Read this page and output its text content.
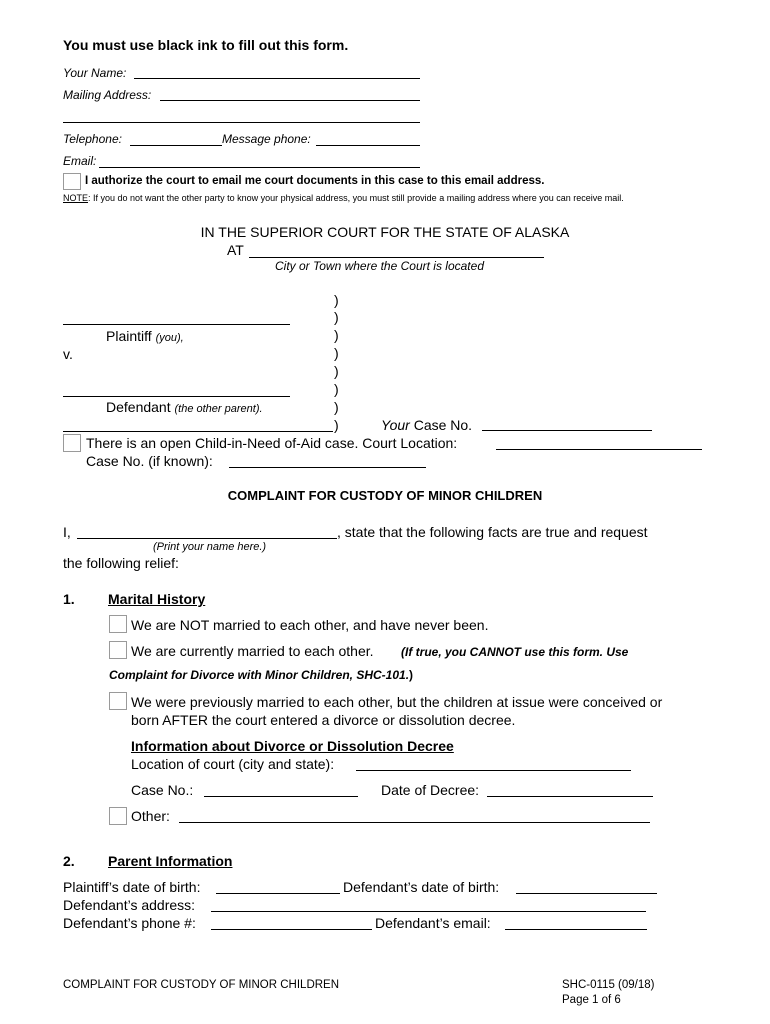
You must use black ink to fill out this form.
Your Name:
Mailing Address:
Telephone:	Message phone:
Email:
I authorize the court to email me court documents in this case to this email address.
NOTE: If you do not want the other party to know your physical address, you must still provide a mailing address where you can receive mail.
IN THE SUPERIOR COURT FOR THE STATE OF ALASKA
AT
City or Town where the Court is located
)
)
)
)
)
)
)
)
Plaintiff (you),
v.
Defendant (the other parent).
Your Case No.
There is an open Child-in-Need of-Aid case. Court Location:
Case No. (if known):
COMPLAINT FOR CUSTODY OF MINOR CHILDREN
I,	, state that the following facts are true and request
(Print your name here.)
the following relief:
1. Marital History
We are NOT married to each other, and have never been.
We are currently married to each other. (If true, you CANNOT use this form. Use
Complaint for Divorce with Minor Children, SHC-101.)
We were previously married to each other, but the children at issue were conceived or
born AFTER the court entered a divorce or dissolution decree.
Information about Divorce or Dissolution Decree
Location of court (city and state):
Case No.:	Date of Decree:
Other:
2. Parent Information
Plaintiff’s date of birth:	Defendant’s date of birth:
Defendant’s address:
Defendant’s phone #:	Defendant’s email:
COMPLAINT FOR CUSTODY OF MINOR CHILDREN	SHC-0115 (09/18)
Page 1 of 6
